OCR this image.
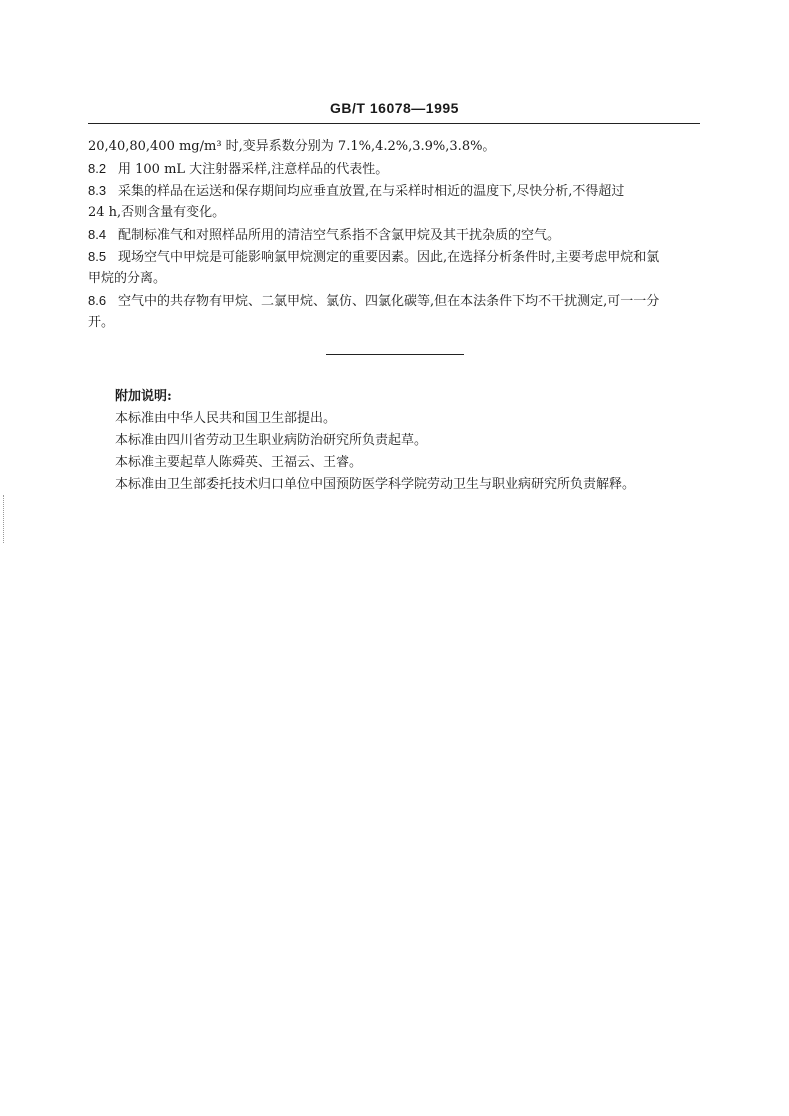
GB/T 16078—1995
20,40,80,400 mg/m³ 时,变异系数分别为 7.1%,4.2%,3.9%,3.8%。
8.2 用 100 mL 大注射器采样,注意样品的代表性。
8.3 采集的样品在运送和保存期间均应垂直放置,在与采样时相近的温度下,尽快分析,不得超过
24 h,否则含量有变化。
8.4 配制标准气和对照样品所用的清洁空气系指不含氯甲烷及其干扰杂质的空气。
8.5 现场空气中甲烷是可能影响氯甲烷测定的重要因素。因此,在选择分析条件时,主要考虑甲烷和氯
甲烷的分离。
8.6 空气中的共存物有甲烷、二氯甲烷、氯仿、四氯化碳等,但在本法条件下均不干扰测定,可一一分
开。
附加说明:
本标准由中华人民共和国卫生部提出。
本标准由四川省劳动卫生职业病防治研究所负责起草。
本标准主要起草人陈舜英、王福云、王睿。
本标准由卫生部委托技术归口单位中国预防医学科学院劳动卫生与职业病研究所负责解释。
